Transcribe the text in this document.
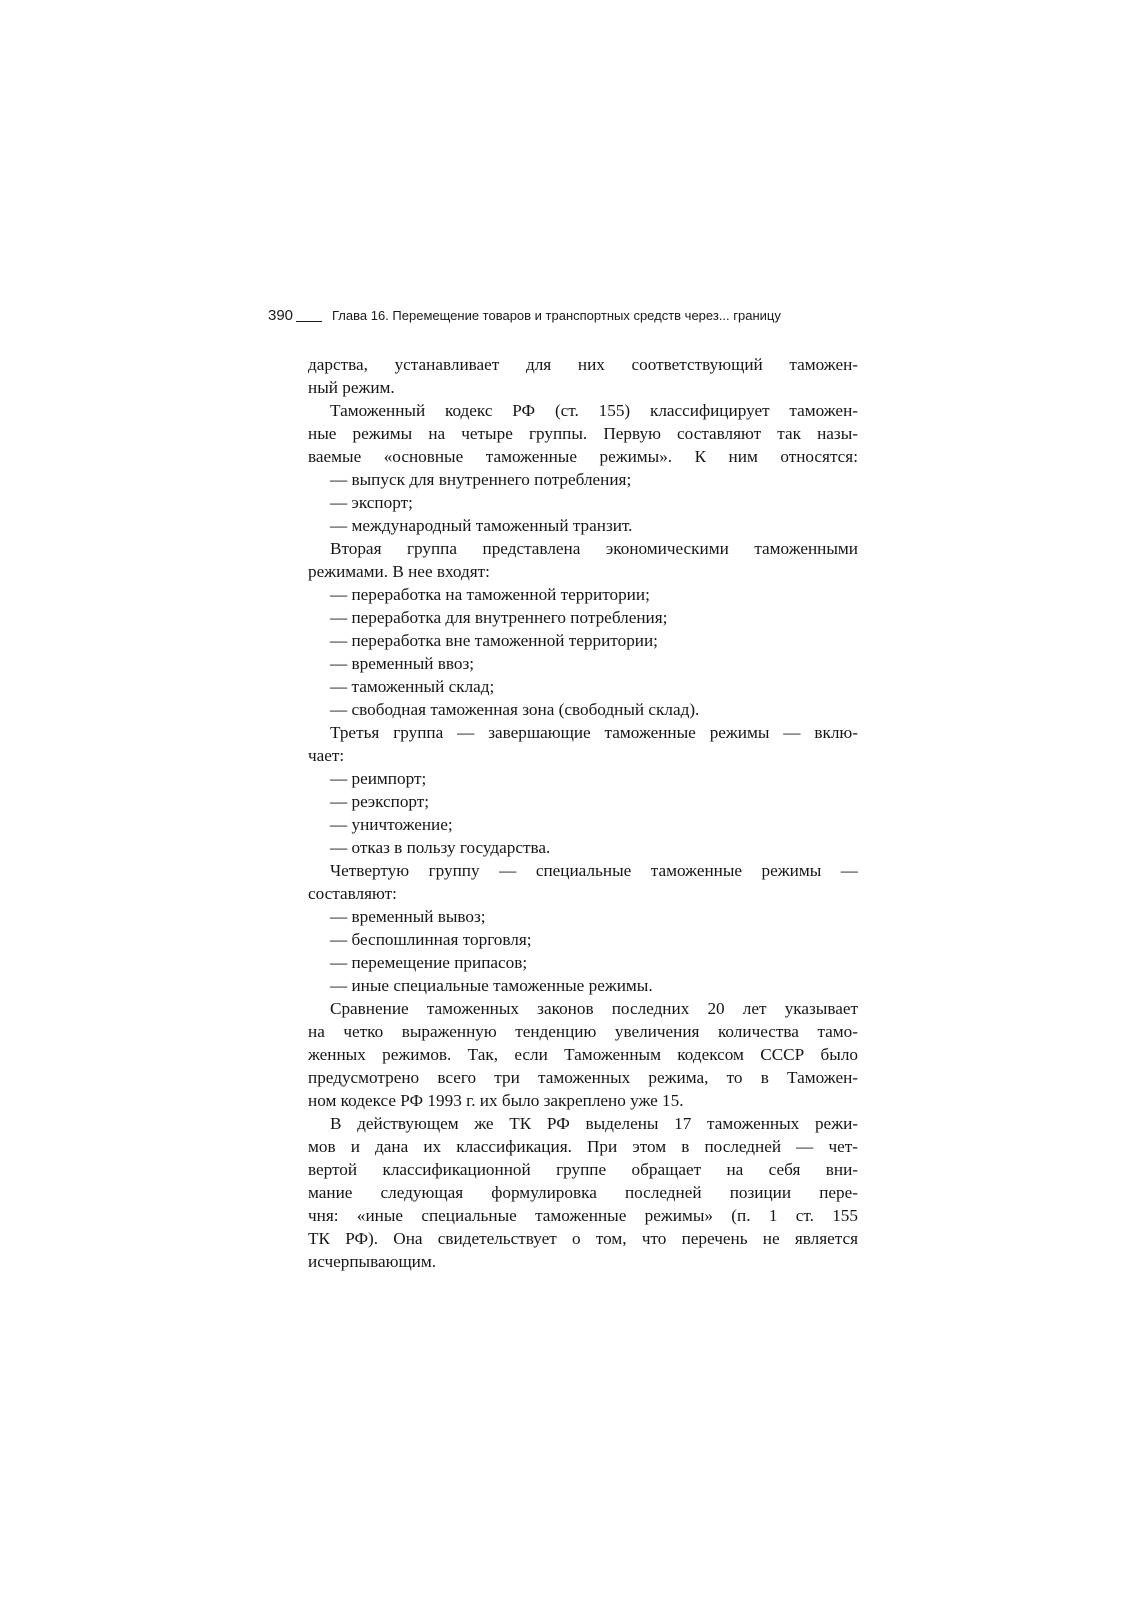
390	Глава 16. Перемещение товаров и транспортных средств через... границу
дарства, устанавливает для них соответствующий таможен-
ный режим.
Таможенный кодекс РФ (ст. 155) классифицирует таможен-
ные режимы на четыре группы. Первую составляют так назы-
ваемые «основные таможенные режимы». К ним относятся:
— выпуск для внутреннего потребления;
— экспорт;
— международный таможенный транзит.
Вторая группа представлена экономическими таможенными
режимами. В нее входят:
— переработка на таможенной территории;
— переработка для внутреннего потребления;
— переработка вне таможенной территории;
— временный ввоз;
— таможенный склад;
— свободная таможенная зона (свободный склад).
Третья группа — завершающие таможенные режимы — вклю-
чает:
— реимпорт;
— реэкспорт;
— уничтожение;
— отказ в пользу государства.
Четвертую группу — специальные таможенные режимы —
составляют:
— временный вывоз;
— беспошлинная торговля;
— перемещение припасов;
— иные специальные таможенные режимы.
Сравнение таможенных законов последних 20 лет указывает
на четко выраженную тенденцию увеличения количества тамо-
женных режимов. Так, если Таможенным кодексом СССР было
предусмотрено всего три таможенных режима, то в Таможен-
ном кодексе РФ 1993 г. их было закреплено уже 15.
В действующем же ТК РФ выделены 17 таможенных режи-
мов и дана их классификация. При этом в последней — чет-
вертой классификационной группе обращает на себя вни-
мание следующая формулировка последней позиции пере-
чня: «иные специальные таможенные режимы» (п. 1 ст. 155
ТК РФ). Она свидетельствует о том, что перечень не является
исчерпывающим.
